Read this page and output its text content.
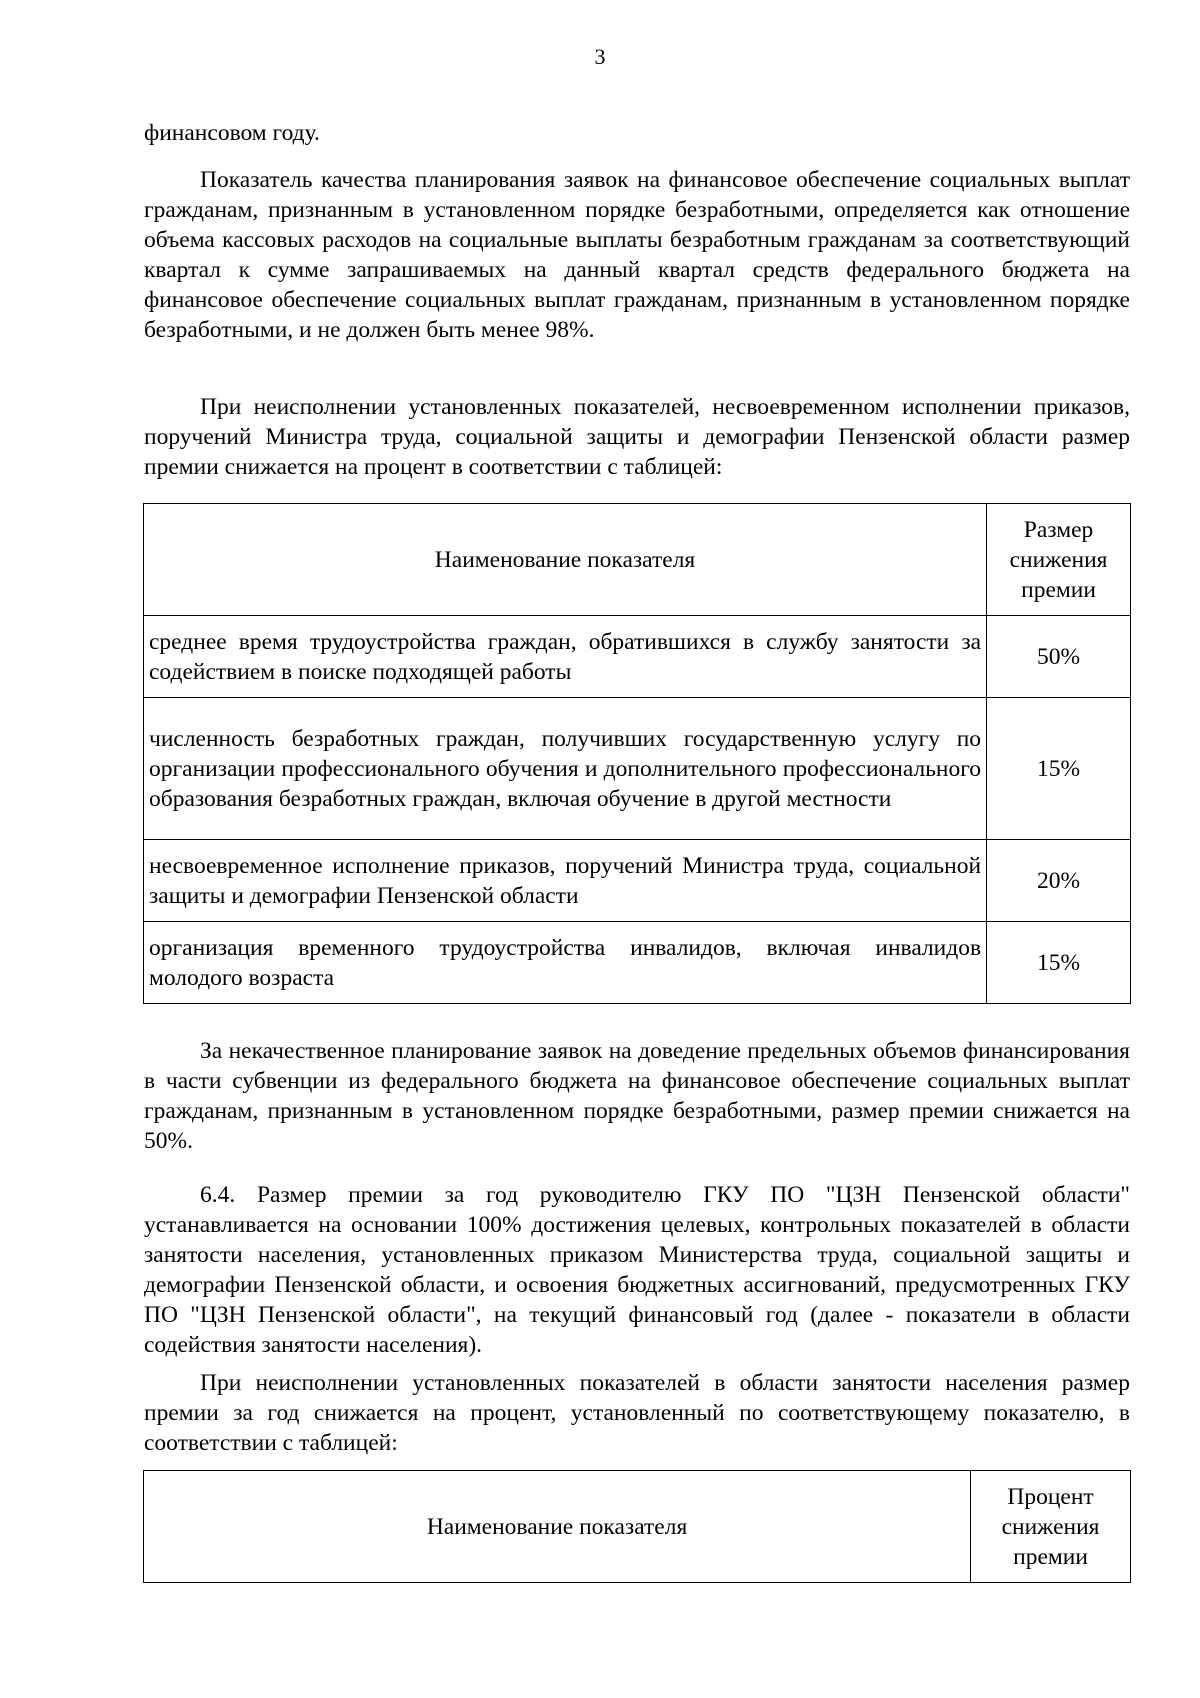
3

финансовом году.

Показатель качества планирования заявок на финансовое обеспечение социальных выплат гражданам, признанным в установленном порядке безработными, определяется как отношение объема кассовых расходов на социальные выплаты безработным гражданам за соответствующий квартал к сумме запрашиваемых на данный квартал средств федерального бюджета на финансовое обеспечение социальных выплат гражданам, признанным в установленном порядке безработными, и не должен быть менее 98%.

При неисполнении установленных показателей, несвоевременном исполнении приказов, поручений Министра труда, социальной защиты и демографии Пензенской области размер премии снижается на процент в соответствии с таблицей:

Наименование показателя	Размер снижения премии
среднее время трудоустройства граждан, обратившихся в службу занятости за содействием в поиске подходящей работы	50%
численность безработных граждан, получивших государственную услугу по организации профессионального обучения и дополнительного профессионального образования безработных граждан, включая обучение в другой местности	15%
несвоевременное исполнение приказов, поручений Министра труда, социальной защиты и демографии Пензенской области	20%
организация временного трудоустройства инвалидов, включая инвалидов молодого возраста	15%

За некачественное планирование заявок на доведение предельных объемов финансирования в части субвенции из федерального бюджета на финансовое обеспечение социальных выплат гражданам, признанным в установленном порядке безработными, размер премии снижается на 50%.

6.4. Размер премии за год руководителю ГКУ ПО "ЦЗН Пензенской области" устанавливается на основании 100% достижения целевых, контрольных показателей в области занятости населения, установленных приказом Министерства труда, социальной защиты и демографии Пензенской области, и освоения бюджетных ассигнований, предусмотренных ГКУ ПО "ЦЗН Пензенской области", на текущий финансовый год (далее - показатели в области содействия занятости населения).

При неисполнении установленных показателей в области занятости населения размер премии за год снижается на процент, установленный по соответствующему показателю, в соответствии с таблицей:

Наименование показателя	Процент снижения премии
